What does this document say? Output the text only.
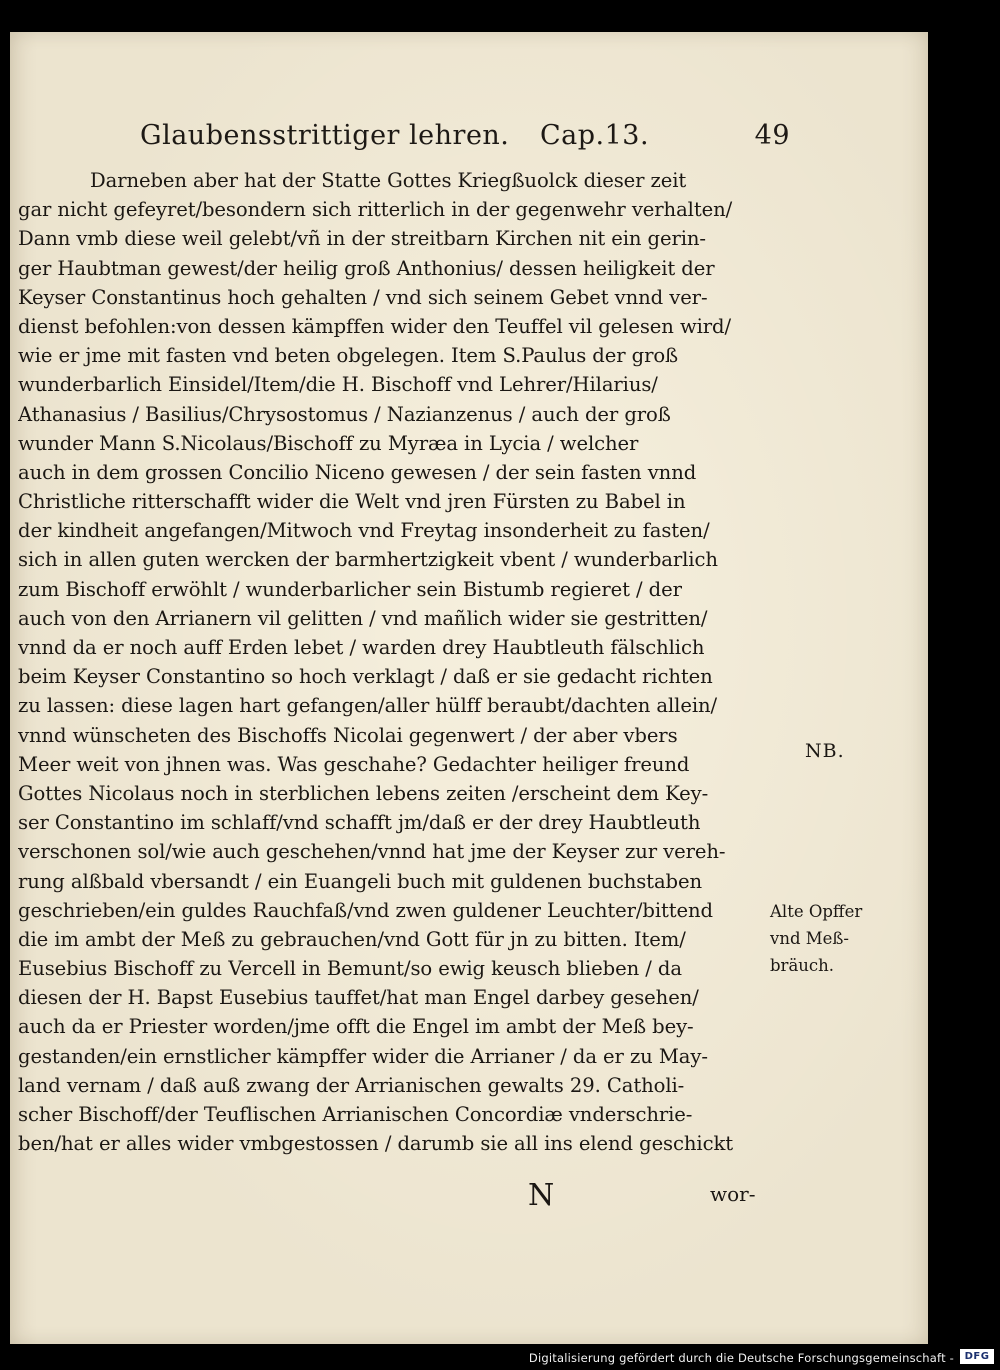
Glaubensstrittiger lehren. Cap.13.	49
Darneben aber hat der Statte Gottes Kriegßuolck dieser zeit
gar nicht gefeyret/besondern sich ritterlich in der gegenwehr verhalten/
Dann vmb diese weil gelebt/vñ in der streitbarn Kirchen nit ein gerin-
ger Haubtman gewest/der heilig groß Anthonius/ dessen heiligkeit der
Keyser Constantinus hoch gehalten / vnd sich seinem Gebet vnnd ver-
dienst befohlen:von dessen kämpffen wider den Teuffel vil gelesen wird/
wie er jme mit fasten vnd beten obgelegen. Item S.Paulus der groß
wunderbarlich Einsidel/Item/die H. Bischoff vnd Lehrer/Hilarius/
Athanasius / Basilius/Chrysostomus / Nazianzenus / auch der groß
wunder Mann S.Nicolaus/Bischoff zu Myræa in Lycia / welcher
auch in dem grossen Concilio Niceno gewesen / der sein fasten vnnd
Christliche ritterschafft wider die Welt vnd jren Fürsten zu Babel in
der kindheit angefangen/Mitwoch vnd Freytag insonderheit zu fasten/
sich in allen guten wercken der barmhertzigkeit vbent / wunderbarlich
zum Bischoff erwöhlt / wunderbarlicher sein Bistumb regieret / der
auch von den Arrianern vil gelitten / vnd mañlich wider sie gestritten/
vnnd da er noch auff Erden lebet / warden drey Haubtleuth fälschlich
beim Keyser Constantino so hoch verklagt / daß er sie gedacht richten
zu lassen: diese lagen hart gefangen/aller hülff beraubt/dachten allein/
vnnd wünscheten des Bischoffs Nicolai gegenwert / der aber vbers
Meer weit von jhnen was. Was geschahe? Gedachter heiliger freund
Gottes Nicolaus noch in sterblichen lebens zeiten /erscheint dem Key-
ser Constantino im schlaff/vnd schafft jm/daß er der drey Haubtleuth
verschonen sol/wie auch geschehen/vnnd hat jme der Keyser zur vereh-
rung alßbald vbersandt / ein Euangeli buch mit guldenen buchstaben
geschrieben/ein guldes Rauchfaß/vnd zwen guldener Leuchter/bittend
die im ambt der Meß zu gebrauchen/vnd Gott für jn zu bitten. Item/
Eusebius Bischoff zu Vercell in Bemunt/so ewig keusch blieben / da
diesen der H. Bapst Eusebius tauffet/hat man Engel darbey gesehen/
auch da er Priester worden/jme offt die Engel im ambt der Meß bey-
gestanden/ein ernstlicher kämpffer wider die Arrianer / da er zu May-
land vernam / daß auß zwang der Arrianischen gewalts 29. Catholi-
scher Bischoff/der Teuflischen Arrianischen Concordiæ vnderschrie-
ben/hat er alles wider vmbgestossen / darumb sie all ins elend geschickt
N	wor-
NB.
Alte Opffer
vnd Meß-
bräuch.
Digitalisierung gefördert durch die Deutsche Forschungsgemeinschaft -	DFG
